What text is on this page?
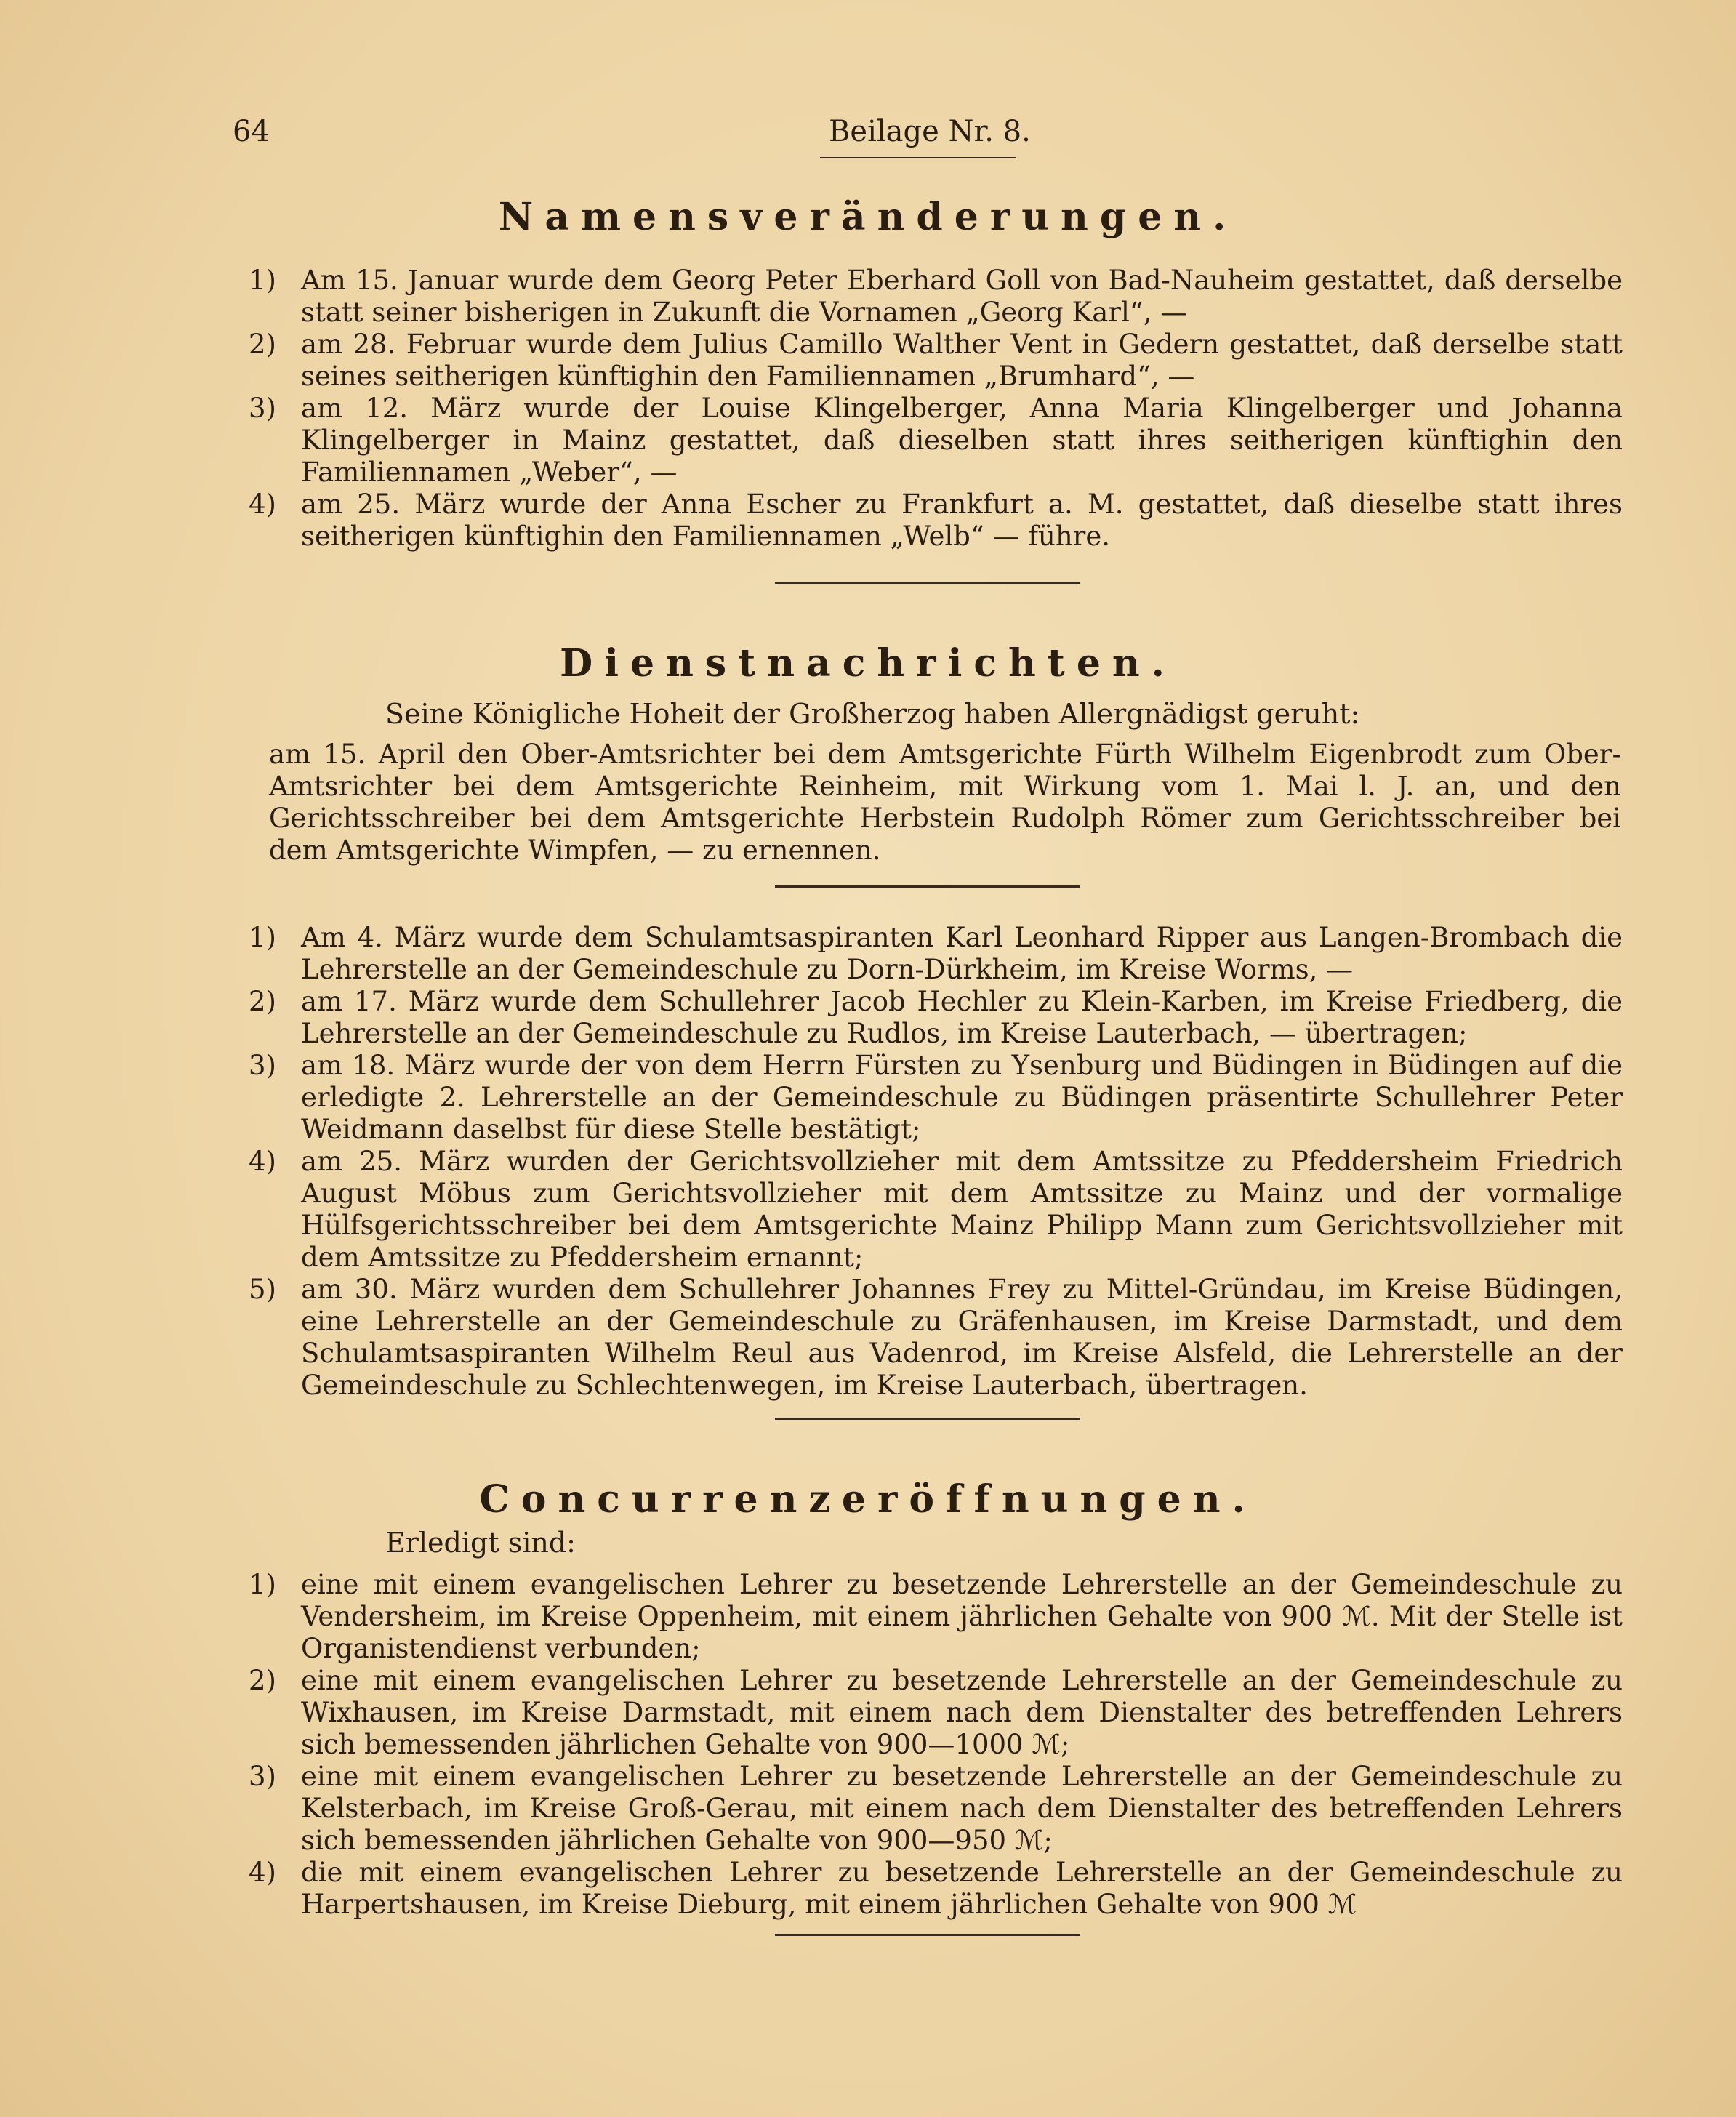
64	Beilage Nr. 8.
Namensveränderungen.

1) Am 15. Januar wurde dem Georg Peter Eberhard Goll von Bad-Nauheim gestattet, daß derselbe statt seiner bisherigen in Zukunft die Vornamen „Georg Karl“, —

2) am 28. Februar wurde dem Julius Camillo Walther Vent in Gedern gestattet, daß derselbe statt seines seitherigen künftighin den Familiennamen „Brumhard“, —

3) am 12. März wurde der Louise Klingelberger, Anna Maria Klingelberger und Johanna Klingelberger in Mainz gestattet, daß dieselben statt ihres seitherigen künftighin den Familiennamen „Weber“, —

4) am 25. März wurde der Anna Escher zu Frankfurt a. M. gestattet, daß dieselbe statt ihres seitherigen künftighin den Familiennamen „Welb“ — führe.

Dienstnachrichten.
Seine Königliche Hoheit der Großherzog haben Allergnädigst geruht:
am 15. April den Ober-Amtsrichter bei dem Amtsgerichte Fürth Wilhelm Eigenbrodt zum Ober-Amtsrichter bei dem Amtsgerichte Reinheim, mit Wirkung vom 1. Mai l. J. an, und den Gerichtsschreiber bei dem Amtsgerichte Herbstein Rudolph Römer zum Gerichtsschreiber bei dem Amtsgerichte Wimpfen, — zu ernennen.

1) Am 4. März wurde dem Schulamtsaspiranten Karl Leonhard Ripper aus Langen-Brombach die Lehrerstelle an der Gemeindeschule zu Dorn-Dürkheim, im Kreise Worms, —

2) am 17. März wurde dem Schullehrer Jacob Hechler zu Klein-Karben, im Kreise Friedberg, die Lehrerstelle an der Gemeindeschule zu Rudlos, im Kreise Lauterbach, — übertragen;

3) am 18. März wurde der von dem Herrn Fürsten zu Ysenburg und Büdingen in Büdingen auf die erledigte 2. Lehrerstelle an der Gemeindeschule zu Büdingen präsentirte Schullehrer Peter Weidmann daselbst für diese Stelle bestätigt;

4) am 25. März wurden der Gerichtsvollzieher mit dem Amtssitze zu Pfeddersheim Friedrich August Möbus zum Gerichtsvollzieher mit dem Amtssitze zu Mainz und der vormalige Hülfsgerichtsschreiber bei dem Amtsgerichte Mainz Philipp Mann zum Gerichtsvollzieher mit dem Amtssitze zu Pfeddersheim ernannt;

5) am 30. März wurden dem Schullehrer Johannes Frey zu Mittel-Gründau, im Kreise Büdingen, eine Lehrerstelle an der Gemeindeschule zu Gräfenhausen, im Kreise Darmstadt, und dem Schulamtsaspiranten Wilhelm Reul aus Vadenrod, im Kreise Alsfeld, die Lehrerstelle an der Gemeindeschule zu Schlechtenwegen, im Kreise Lauterbach, übertragen.

Concurrenzeröffnungen.
Erledigt sind:

1) eine mit einem evangelischen Lehrer zu besetzende Lehrerstelle an der Gemeindeschule zu Vendersheim, im Kreise Oppenheim, mit einem jährlichen Gehalte von 900 ℳ. Mit der Stelle ist Organistendienst verbunden;

2) eine mit einem evangelischen Lehrer zu besetzende Lehrerstelle an der Gemeindeschule zu Wixhausen, im Kreise Darmstadt, mit einem nach dem Dienstalter des betreffenden Lehrers sich bemessenden jährlichen Gehalte von 900—1000 ℳ;

3) eine mit einem evangelischen Lehrer zu besetzende Lehrerstelle an der Gemeindeschule zu Kelsterbach, im Kreise Groß-Gerau, mit einem nach dem Dienstalter des betreffenden Lehrers sich bemessenden jährlichen Gehalte von 900—950 ℳ;

4) die mit einem evangelischen Lehrer zu besetzende Lehrerstelle an der Gemeindeschule zu Harpertshausen, im Kreise Dieburg, mit einem jährlichen Gehalte von 900 ℳ
